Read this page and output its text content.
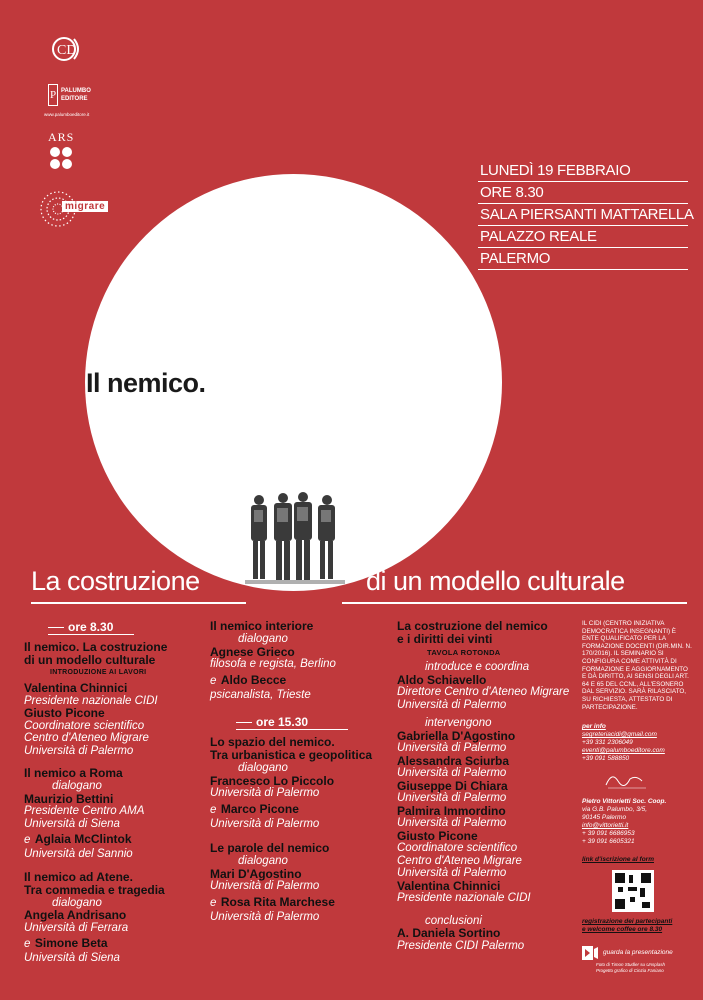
CD
P PALUMBO
EDITORE
www.palumboeditore.it
ARS
migrare
LUNEDÌ 19 FEBBRAIO
ORE 8.30
SALA PIERSANTI MATTARELLA
PALAZZO REALE
PALERMO
Il nemico.
La costruzione	di un modello culturale
ore 8.30
Il nemico. La costruzione
di un modello culturale
INTRODUZIONE AI LAVORI
Valentina Chinnici
Presidente nazionale CIDI
Giusto Picone
Coordinatore scientifico
Centro d'Ateneo Migrare
Università di Palermo
Il nemico a Roma
dialogano
Maurizio Bettini
Presidente Centro AMA
Università di Siena
e Aglaia McClintok
Università del Sannio
Il nemico ad Atene.
Tra commedia e tragedia
dialogano
Angela Andrisano
Università di Ferrara
e Simone Beta
Università di Siena
Il nemico interiore
dialogano
Agnese Grieco
filosofa e regista, Berlino
e Aldo Becce
psicanalista, Trieste
ore 15.30
Lo spazio del nemico.
Tra urbanistica e geopolitica
dialogano
Francesco Lo Piccolo
Università di Palermo
e Marco Picone
Università di Palermo
Le parole del nemico
dialogano
Mari D'Agostino
Università di Palermo
e Rosa Rita Marchese
Università di Palermo
La costruzione del nemico
e i diritti dei vinti
TAVOLA ROTONDA
introduce e coordina
Aldo Schiavello
Direttore Centro d'Ateneo Migrare
Università di Palermo
intervengono
Gabriella D'Agostino
Università di Palermo
Alessandra Sciurba
Università di Palermo
Giuseppe Di Chiara
Università di Palermo
Palmira Immordino
Università di Palermo
Giusto Picone
Coordinatore scientifico
Centro d'Ateneo Migrare
Università di Palermo
Valentina Chinnici
Presidente nazionale CIDI
conclusioni
A. Daniela Sortino
Presidente CIDI Palermo
IL CIDI (CENTRO INIZIATIVA DEMOCRATICA INSEGNANTI) È ENTE QUALIFICATO PER LA FORMAZIONE DOCENTI (DIR.MIN. N. 170/2016). IL SEMINARIO SI CONFIGURA COME ATTIVITÀ DI FORMAZIONE E AGGIORNAMENTO E DÀ DIRITTO, AI SENSI DEGLI ART. 64 E 65 DEL CCNL, ALL'ESONERO DAL SERVIZIO. SARÀ RILASCIATO, SU RICHIESTA, ATTESTATO DI PARTECIPAZIONE.
per info
segreteriacidi@gmail.com
+39 331 2306049
eventi@palumboeditore.com
+39 091 588850
Pietro Vittorietti Soc. Coop.
via G.B. Palumbo, 3/5,
90145 Palermo
info@vittorietti.it
+ 39 091 6686953
+ 39 091 6605321
link d'iscrizione al form
registrazione dei partecipanti
e welcome coffee ore 8.30
guarda la presentazione
Foto di Timon Studler su Unsplash
Progetto grafico di Cinzia Faniano
